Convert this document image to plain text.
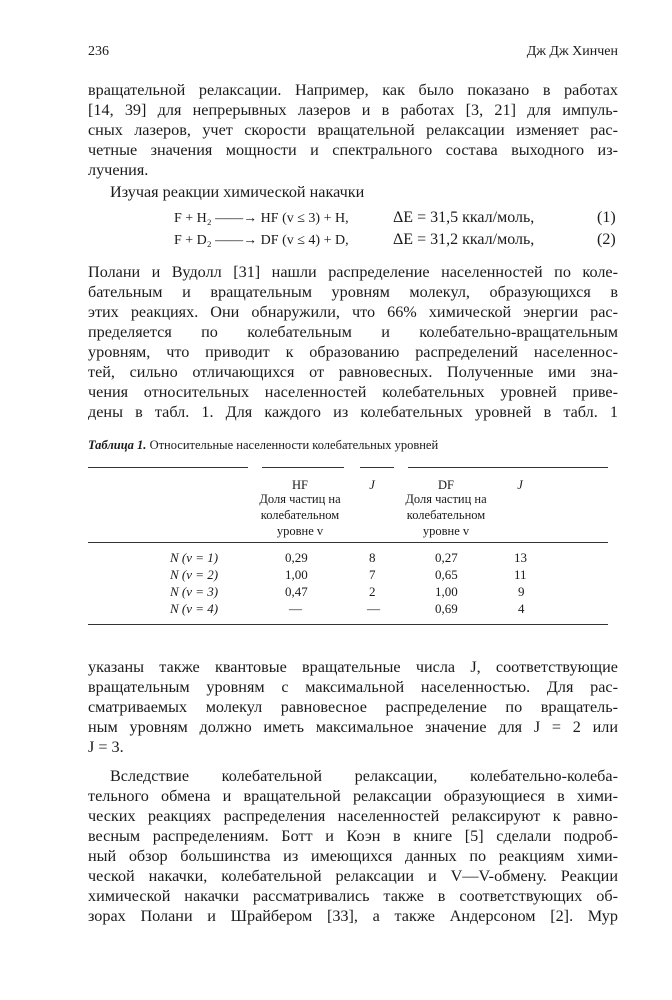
236	Дж Дж Хинчен
вращательной релаксации. Например, как было показано в работах
[14, 39] для непрерывных лазеров и в работах [3, 21] для импуль-
сных лазеров, учет скорости вращательной релаксации изменяет рас-
четные значения мощности и спектрального состава выходного из-
лучения.
Изучая реакции химической накачки
F + H₂ ——→ HF (v ≤ 3) + H,	ΔE = 31,5 ккал/моль,	(1)
F + D₂ ——→ DF (v ≤ 4) + D,	ΔE = 31,2 ккал/моль,	(2)
Полани и Вудолл [31] нашли распределение населенностей по коле-
бательным и вращательным уровням молекул, образующихся в
этих реакциях. Они обнаружили, что 66% химической энергии рас-
пределяется по колебательным и колебательно-вращательным
уровням, что приводит к образованию распределений населеннос-
тей, сильно отличающихся от равновесных. Полученные ими зна-
чения относительных населенностей колебательных уровней приве-
дены в табл. 1. Для каждого из колебательных уровней в табл. 1
Таблица 1. Относительные населенности колебательных уровней
HF	J	DF	J
Доля частиц на
колебательном
уровне v
Доля частиц на
колебательном
уровне v
N (v = 1)	0,29	8	0,27	13
N (v = 2)	1,00	7	0,65	11
N (v = 3)	0,47	2	1,00	9
N (v = 4)	—	—	0,69	4
указаны также квантовые вращательные числа J, соответствующие
вращательным уровням с максимальной населенностью. Для рас-
сматриваемых молекул равновесное распределение по вращатель-
ным уровням должно иметь максимальное значение для J = 2 или
J = 3.
Вследствие колебательной релаксации, колебательно-колеба-
тельного обмена и вращательной релаксации образующиеся в хими-
ческих реакциях распределения населенностей релаксируют к равно-
весным распределениям. Ботт и Коэн в книге [5] сделали подроб-
ный обзор большинства из имеющихся данных по реакциям хими-
ческой накачки, колебательной релаксации и V—V-обмену. Реакции
химической накачки рассматривались также в соответствующих об-
зорах Полани и Шрайбером [33], а также Андерсоном [2]. Мур
